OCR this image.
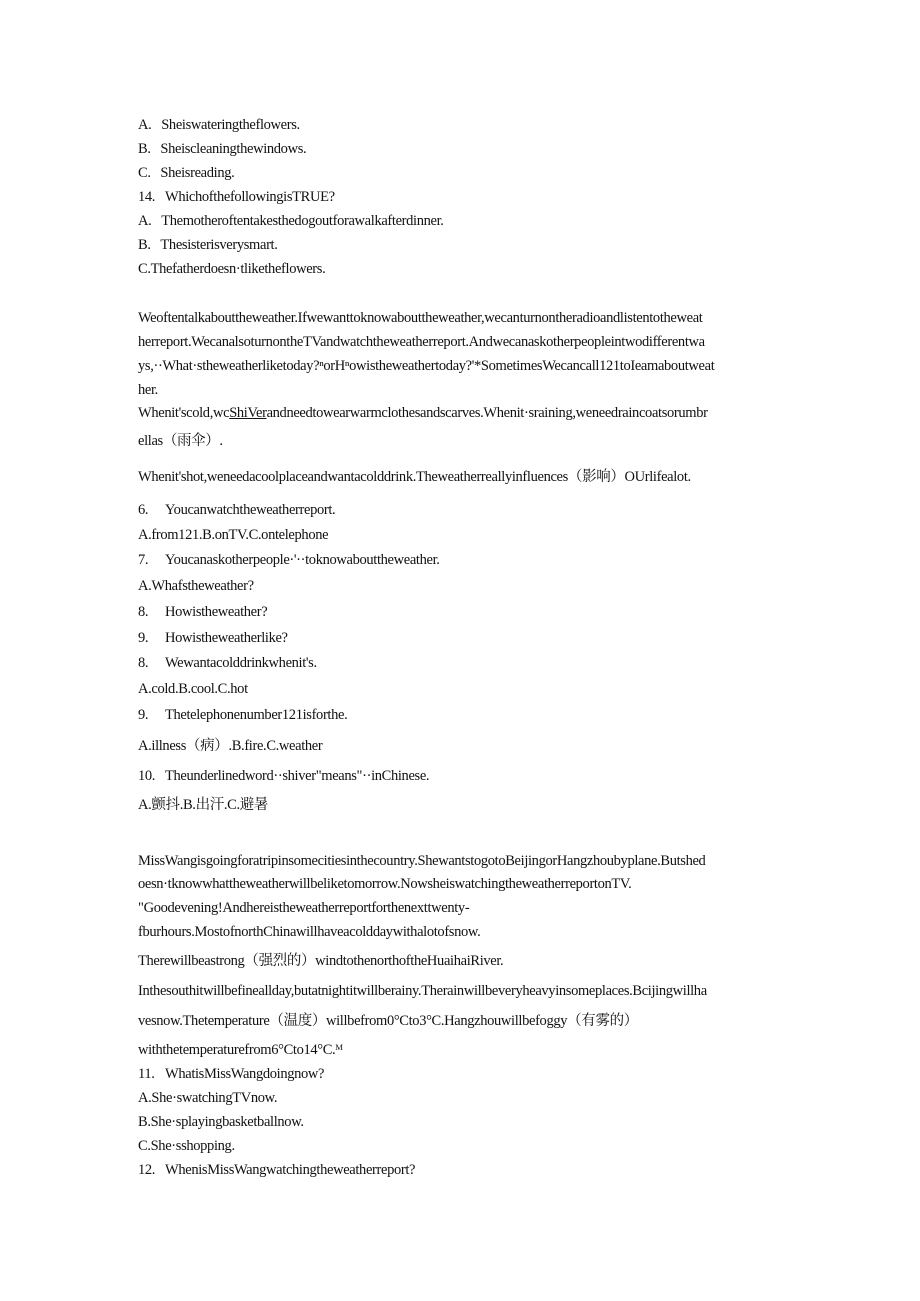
A.   Sheiswateringtheflowers.
B.   Sheiscleaningthewindows.
C.   Sheisreading.
14. WhichofthefollowingisTRUE?
A.   Themotheroftentakesthedogoutforawalkafterdinner.
B.   Thesisterisverysmart.
C.Thefatherdoesn·tliketheflowers.
Weoftentalkabouttheweather.Ifwewanttoknowabouttheweather,wecanturnontheradioandlistentotheweat
herreport.WecanalsoturnontheTVandwatchtheweatherreport.Andwecanaskotherpeopleintwodifferentwa
ys,··What·stheweatherliketoday?ⁿorHⁿowistheweathertoday?'*SometimesWecancall121toIeamaboutweat
her.
Whenit'scold,wcShiVerandneedtowearwarmclothesandscarves.Whenit·sraining,weneedraincoatsorumbr
ellas（雨伞）.
Whenit'shot,weneedacoolplaceandwantacolddrink.Theweatherreallyinfluences（影响）OUrlifealot.
6. Youcanwatchtheweatherreport.
A.from121.B.onTV.C.ontelephone
7. Youcanaskotherpeople·'··toknowabouttheweather.
A.Whafstheweather?
8. Howistheweather?
9. Howistheweatherlike?
8. Wewantacolddrinkwhenit's.
A.cold.B.cool.C.hot
9. Thetelephonenumber121isforthe.
A.illness（病）.B.fire.C.weather
10. Theunderlinedword··shiver"means"··inChinese.
A.颤抖.B.出汗.C.避暑
MissWangisgoingforatripinsomecitiesinthecountry.ShewantstogotoBeijingorHangzhoubyplane.Butshed
oesn·tknowwhattheweatherwillbeliketomorrow.NowsheiswatchingtheweatherreportonTV.
"Goodevening!Andhereistheweatherreportforthenexttwenty-
fburhours.MostofnorthChinawillhaveacolddaywithalotofsnow.
Therewillbeastrong（强烈的）windtothenorthoftheHuaihaiRiver.
Inthesouthitwillbefineallday,butatnightitwillberainy.Therainwillbeveryheavyinsomeplaces.Bcijingwillha
vesnow.Thetemperature（温度）willbefrom0°Cto3°C.Hangzhouwillbefoggy（有雾的）
withthetemperaturefrom6°Cto14°C.ᴹ
11. WhatisMissWangdoingnow?
A.She·swatchingTVnow.
B.She·splayingbasketballnow.
C.She·sshopping.
12. WhenisMissWangwatchingtheweatherreport?
